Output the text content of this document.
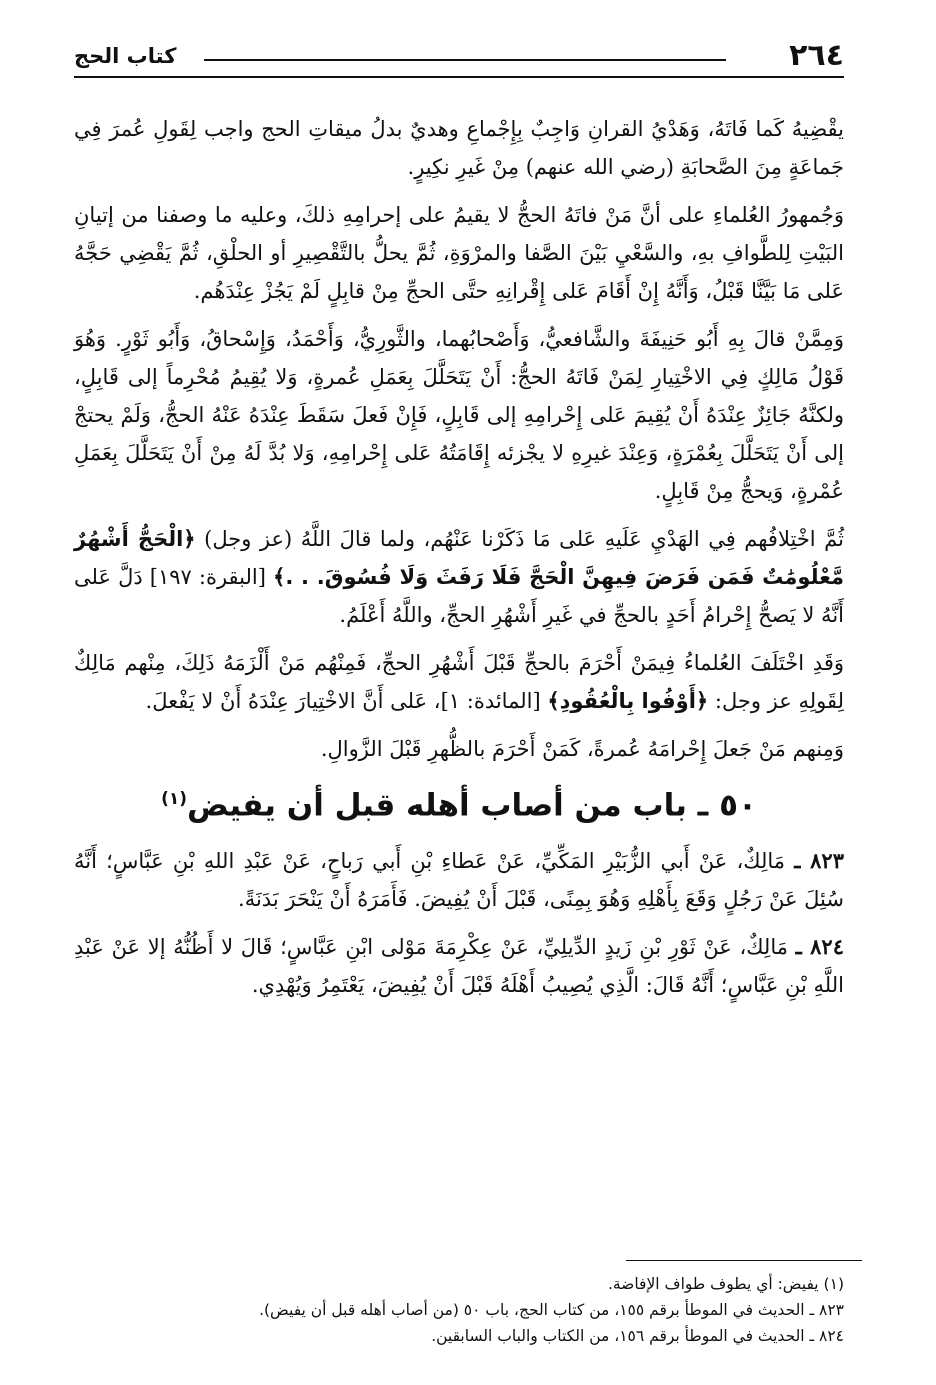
٢٦٤
كتاب الحج

يقْضِيهُ كَما فَاتَهُ، وَهَدْيُ القرانِ وَاجِبٌ بِإِجْماعِ وهديٌ بدلُ ميقاتِ الحج واجب لِقَولِ عُمرَ فِي جَماعَةٍ مِنَ الصَّحابَةِ (رضي الله عنهم) مِنْ غَيرِ نكِيرٍ.

وَجُمهورُ العُلماءِ على أنَّ مَنْ فاتَهُ الحجُّ لا يقيمُ على إحرامِهِ ذلكَ، وعليه ما وصفنا من إتيانِ البَيْتِ لِلطَّوافِ بهِ، والسَّعْيِ بَيْنَ الصَّفا والمرْوَةِ، ثُمَّ يحلُّ بالتَّقْصِيرِ أو الحلْقِ، ثُمَّ يَقْضِي حَجَّهُ عَلى مَا بَيَّنَّا قَبْلُ، وَأَنَّهُ إِنْ أَقَامَ عَلى إِقْرانِهِ حتَّى الحجِّ مِنْ قابِلٍ لَمْ يَجُزْ عِنْدَهُم.

وَمِمَّنْ قالَ بِهِ أَبُو حَنِيفَةَ والشَّافعيُّ، وَأَصْحابُهما، والثَّورِيُّ، وَأَحْمَدُ، وَإِسْحاقُ، وَأَبُو ثَوْرٍ. وَهُوَ قَوْلُ مَالِكٍ فِي الاخْتِيارِ لِمَنْ فَاتَهُ الحجُّ: أَنْ يَتَحَلَّلَ بِعَمَلِ عُمرةٍ، وَلا يُقِيمُ مُحْرِماً إلى قَابِلٍ، ولكنَّهُ جَائِزٌ عِنْدَهُ أَنْ يُقِيمَ عَلى إِحْرامِهِ إلى قَابِلٍ، فَإِنْ فَعلَ سَقَطَ عِنْدَهُ عَنْهُ الحجُّ، وَلَمْ يحتجْ إلى أَنْ يَتَحَلَّلَ بِعُمْرَةٍ، وَعِنْدَ غيرِهِ لا يجْزئه إِقَامَتُهُ عَلى إِحْرامِهِ، وَلا بُدَّ لَهُ مِنْ أَنْ يَتَحَلَّلَ بِعَمَلِ عُمْرةٍ، وَيحجُّ مِنْ قَابِلٍ.

ثُمَّ اخْتِلافُهم فِي الهَدْيِ عَلَيهِ عَلى مَا ذَكَرْنا عَنْهُم، ولما قالَ اللَّهُ (عز وجل) ﴿الْحَجُّ أَشْهُرٌ مَّعْلُومَٰتٌ فَمَن فَرَضَ فِيهِنَّ الْحَجَّ فَلَا رَفَثَ وَلَا فُسُوقَ. . .﴾ [البقرة: ١٩٧] دَلَّ عَلى أَنَّهُ لا يَصحُّ إِحْرامُ أَحَدٍ بالحجِّ في غَيرِ أَشْهُرِ الحجِّ، واللَّهُ أَعْلَمُ.

وَقَدِ اخْتَلَفَ العُلماءُ فِيمَنْ أَحْرَمَ بالحجِّ قَبْلَ أَشْهُرِ الحجِّ، فَمِنْهُم مَنْ أَلْزَمَهُ ذَلِكَ، مِنْهم مَالِكٌ لِقَولِهِ عز وجل: ﴿أَوْفُوا بِالْعُقُودِ﴾ [المائدة: ١]، عَلى أَنَّ الاخْتِيارَ عِنْدَهُ أَنْ لا يَفْعلَ.

وَمِنهم مَنْ جَعلَ إِحْرامَهُ عُمرةً، كَمَنْ أَحْرَمَ بالظُّهرِ قَبْلَ الزَّوالِ.

٥٠ ـ باب من أصاب أهله قبل أن يفيض$^{(١)}$

٨٢٣ ـ مَالِكٌ، عَنْ أَبي الزُّبَيْرِ المَكِّيِّ، عَنْ عَطاءِ بْنِ أَبي رَباحٍ، عَنْ عَبْدِ اللهِ بْنِ عَبَّاسٍ؛ أَنَّهُ سُئِلَ عَنْ رَجُلٍ وَقَعَ بِأَهْلِهِ وَهُوَ بِمِنًى، قَبْلَ أَنْ يُفِيضَ. فَأَمَرَهُ أَنْ يَنْحَرَ بَدَنَةً.

٨٢٤ ـ مَالِكٌ، عَنْ ثَوْرِ بْنِ زَيدٍ الدِّيلِيِّ، عَنْ عِكْرِمَةَ مَوْلى ابْنِ عَبَّاسٍ؛ قَالَ لا أَظُنُّهُ إلا عَنْ عَبْدِ اللَّهِ بْنِ عَبَّاسٍ؛ أَنَّهُ قَالَ: الَّذِي يُصِيبُ أَهْلَهُ قَبْلَ أَنْ يُفِيضَ، يَعْتَمِرُ وَيُهْدِي.

(١) يفيض: أي يطوف طواف الإفاضة.

٨٢٣ ـ الحديث في الموطأ برقم ١٥٥، من كتاب الحج، باب ٥٠ (من أصاب أهله قبل أن يفيض).

٨٢٤ ـ الحديث في الموطأ برقم ١٥٦، من الكتاب والباب السابقين.
